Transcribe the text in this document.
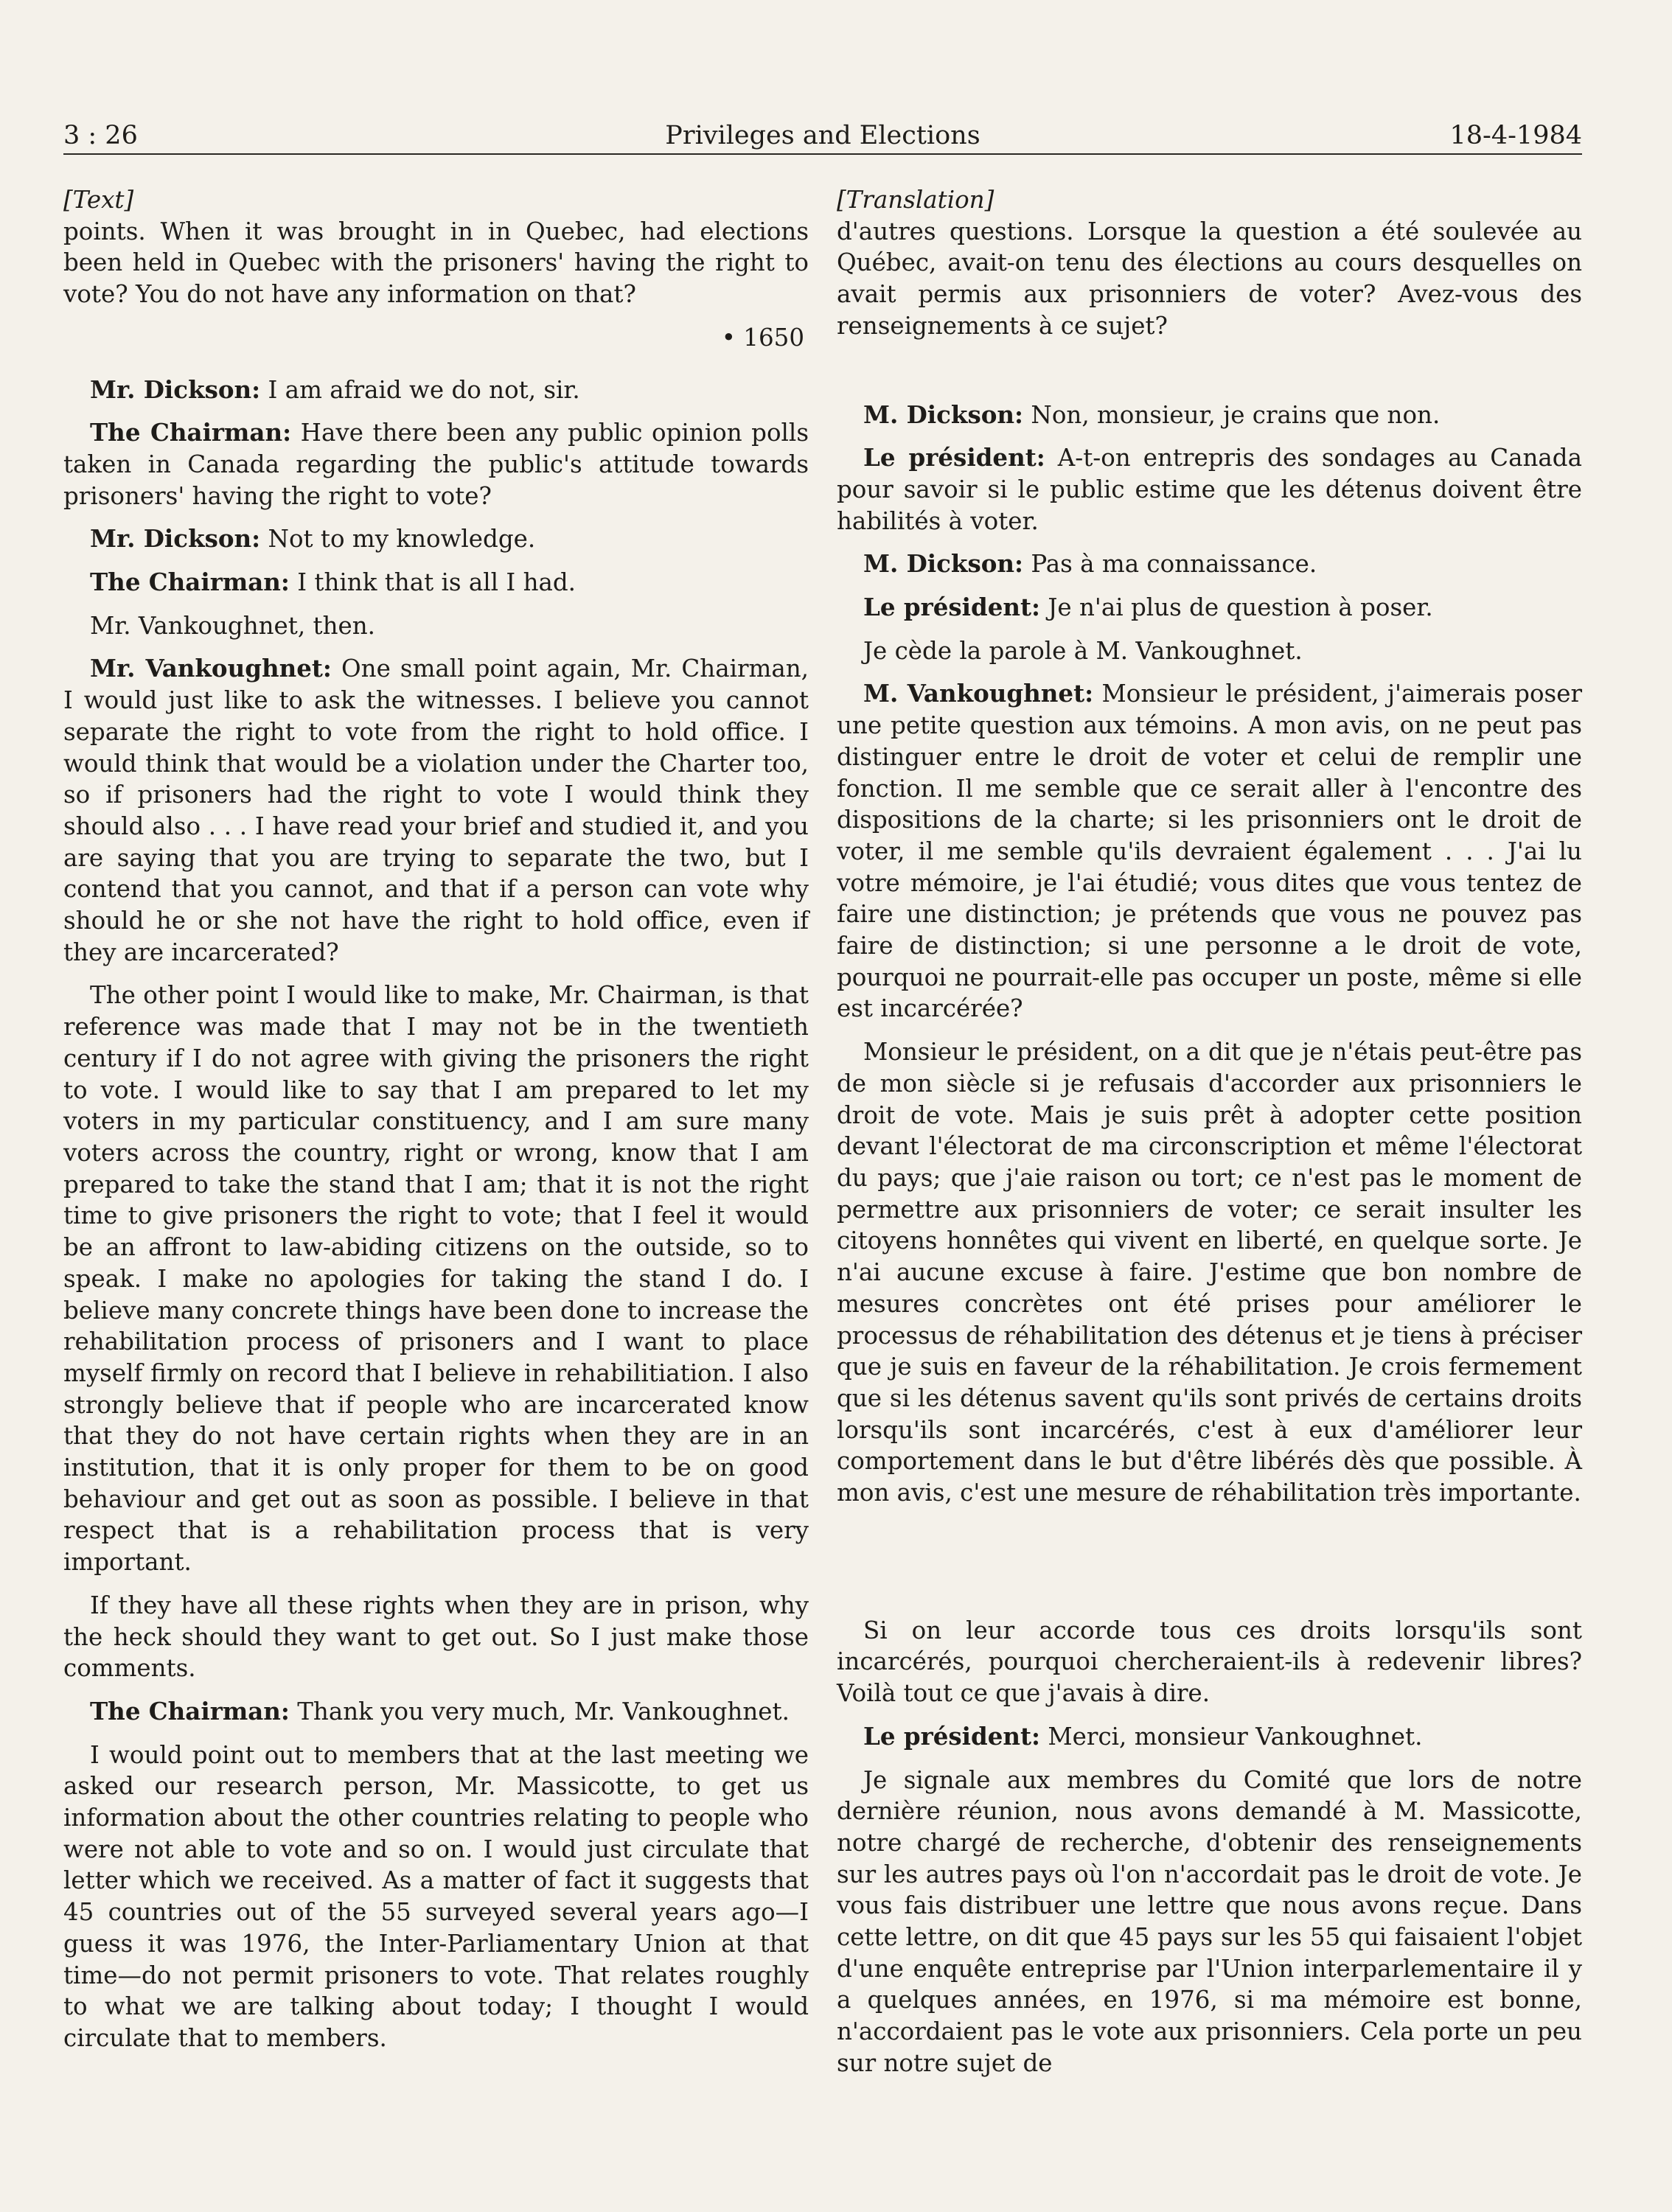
3 : 26	Privileges and Elections	18-4-1984

[Text]

points. When it was brought in in Quebec, had elections been held in Quebec with the prisoners' having the right to vote? You do not have any information on that?

• 1650

Mr. Dickson: I am afraid we do not, sir.

The Chairman: Have there been any public opinion polls taken in Canada regarding the public's attitude towards prisoners' having the right to vote?

Mr. Dickson: Not to my knowledge.

The Chairman: I think that is all I had.

Mr. Vankoughnet, then.

Mr. Vankoughnet: One small point again, Mr. Chairman, I would just like to ask the witnesses. I believe you cannot separate the right to vote from the right to hold office. I would think that would be a violation under the Charter too, so if prisoners had the right to vote I would think they should also . . . I have read your brief and studied it, and you are saying that you are trying to separate the two, but I contend that you cannot, and that if a person can vote why should he or she not have the right to hold office, even if they are incarcerated?

The other point I would like to make, Mr. Chairman, is that reference was made that I may not be in the twentieth century if I do not agree with giving the prisoners the right to vote. I would like to say that I am prepared to let my voters in my particular constituency, and I am sure many voters across the country, right or wrong, know that I am prepared to take the stand that I am; that it is not the right time to give prisoners the right to vote; that I feel it would be an affront to law-abiding citizens on the outside, so to speak. I make no apologies for taking the stand I do. I believe many concrete things have been done to increase the rehabilitation process of prisoners and I want to place myself firmly on record that I believe in rehabilitiation. I also strongly believe that if people who are incarcerated know that they do not have certain rights when they are in an institution, that it is only proper for them to be on good behaviour and get out as soon as possible. I believe in that respect that is a rehabilitation process that is very important.

If they have all these rights when they are in prison, why the heck should they want to get out. So I just make those comments.

The Chairman: Thank you very much, Mr. Vankoughnet.

I would point out to members that at the last meeting we asked our research person, Mr. Massicotte, to get us information about the other countries relating to people who were not able to vote and so on. I would just circulate that letter which we received. As a matter of fact it suggests that 45 countries out of the 55 surveyed several years ago—I guess it was 1976, the Inter-Parliamentary Union at that time—do not permit prisoners to vote. That relates roughly to what we are talking about today; I thought I would circulate that to members.

[Translation]

d'autres questions. Lorsque la question a été soulevée au Québec, avait-on tenu des élections au cours desquelles on avait permis aux prisonniers de voter? Avez-vous des renseignements à ce sujet?

M. Dickson: Non, monsieur, je crains que non.

Le président: A-t-on entrepris des sondages au Canada pour savoir si le public estime que les détenus doivent être habilités à voter.

M. Dickson: Pas à ma connaissance.

Le président: Je n'ai plus de question à poser.

Je cède la parole à M. Vankoughnet.

M. Vankoughnet: Monsieur le président, j'aimerais poser une petite question aux témoins. A mon avis, on ne peut pas distinguer entre le droit de voter et celui de remplir une fonction. Il me semble que ce serait aller à l'encontre des dispositions de la charte; si les prisonniers ont le droit de voter, il me semble qu'ils devraient également . . . J'ai lu votre mémoire, je l'ai étudié; vous dites que vous tentez de faire une distinction; je prétends que vous ne pouvez pas faire de distinction; si une personne a le droit de vote, pourquoi ne pourrait-elle pas occuper un poste, même si elle est incarcérée?

Monsieur le président, on a dit que je n'étais peut-être pas de mon siècle si je refusais d'accorder aux prisonniers le droit de vote. Mais je suis prêt à adopter cette position devant l'électorat de ma circonscription et même l'électorat du pays; que j'aie raison ou tort; ce n'est pas le moment de permettre aux prisonniers de voter; ce serait insulter les citoyens honnêtes qui vivent en liberté, en quelque sorte. Je n'ai aucune excuse à faire. J'estime que bon nombre de mesures concrètes ont été prises pour améliorer le processus de réhabilitation des détenus et je tiens à préciser que je suis en faveur de la réhabilitation. Je crois fermement que si les détenus savent qu'ils sont privés de certains droits lorsqu'ils sont incarcérés, c'est à eux d'améliorer leur comportement dans le but d'être libérés dès que possible. À mon avis, c'est une mesure de réhabilitation très importante.

Si on leur accorde tous ces droits lorsqu'ils sont incarcérés, pourquoi chercheraient-ils à redevenir libres? Voilà tout ce que j'avais à dire.

Le président: Merci, monsieur Vankoughnet.

Je signale aux membres du Comité que lors de notre dernière réunion, nous avons demandé à M. Massicotte, notre chargé de recherche, d'obtenir des renseignements sur les autres pays où l'on n'accordait pas le droit de vote. Je vous fais distribuer une lettre que nous avons reçue. Dans cette lettre, on dit que 45 pays sur les 55 qui faisaient l'objet d'une enquête entreprise par l'Union interparlementaire il y a quelques années, en 1976, si ma mémoire est bonne, n'accordaient pas le vote aux prisonniers. Cela porte un peu sur notre sujet de
